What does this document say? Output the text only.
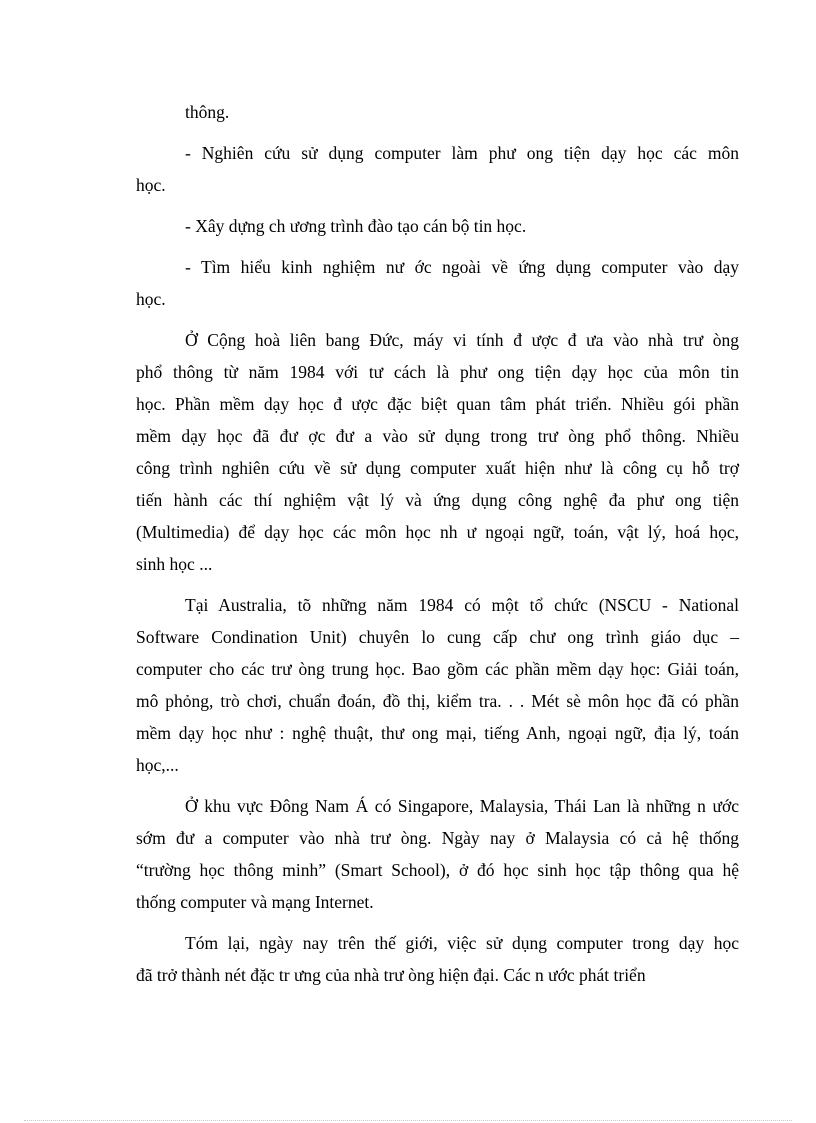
thông.
- Nghiên cứu sử dụng computer làm phư ong tiện dạy học các môn
học.
- Xây dựng ch ương trình đào tạo cán bộ tin học.
- Tìm hiểu kinh nghiệm nư ớc ngoài về ứng dụng computer vào dạy
học.
Ở Cộng hoà liên bang Đức, máy vi tính đ ược đ ưa vào nhà trư òng
phổ thông từ năm 1984 với tư cách là phư ong tiện dạy học của môn tin
học. Phần mềm dạy học đ ược đặc biệt quan tâm phát triển. Nhiều gói phần
mềm dạy học đã đư ợc đư a vào sử dụng trong trư òng phổ thông. Nhiều
công trình nghiên cứu về sử dụng computer xuất hiện như là công cụ hỗ trợ
tiến hành các thí nghiệm vật lý và ứng dụng công nghệ đa phư ong tiện
(Multimedia) để dạy học các môn học nh ư ngoại ngữ, toán, vật lý, hoá học,
sinh học ...
Tại Australia, tõ những năm 1984 có một tổ chức (NSCU - National
Software Condination Unit) chuyên lo cung cấp chư ong trình giáo dục –
computer cho các trư òng trung học. Bao gồm các phần mềm dạy học: Giải toán,
mô phỏng, trò chơi, chuẩn đoán, đồ thị, kiểm tra. . . Mét sè môn học đã có phần
mềm dạy học như : nghệ thuật, thư ong mại, tiếng Anh, ngoại ngữ, địa lý, toán
học,...
Ở khu vực Đông Nam Á có Singapore, Malaysia, Thái Lan là những n ước
sớm đư a computer vào nhà trư òng. Ngày nay ở Malaysia có cả hệ thống
“trường học thông minh” (Smart School), ở đó học sinh học tập thông qua hệ
thống computer và mạng Internet.
Tóm lại, ngày nay trên thế giới, việc sử dụng computer trong dạy học
đã trở thành nét đặc tr ưng của nhà trư òng hiện đại. Các n ước phát triển
